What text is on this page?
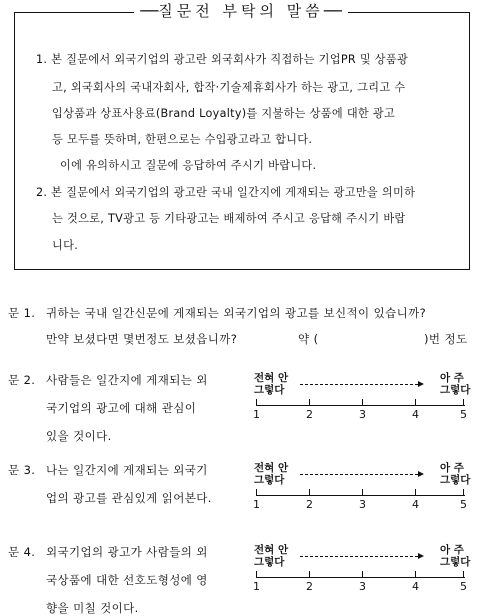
──질문전 부탁의 말씀──
1. 본 질문에서 외국기업의 광고란 외국회사가 직접하는 기업PR 및 상품광
고, 외국회사의 국내자회사, 합작·기술제휴회사가 하는 광고, 그리고 수
입상품과 상표사용료(Brand Loyalty)를 지불하는 상품에 대한 광고
등 모두를 뜻하며, 한편으로는 수입광고라고 합니다.
이에 유의하시고 질문에 응답하여 주시기 바랍니다.
2. 본 질문에서 외국기업의 광고란 국내 일간지에 게재되는 광고만을 의미하
는 것으로, TV광고 등 기타광고는 배제하여 주시고 응답해 주시기 바랍
니다.
문 1. 귀하는 국내 일간신문에 게재되는 외국기업의 광고를 보신적이 있습니까?
만약 보셨다면 몇번정도 보셨읍니까?	약 (	)번 정도
문 2. 사람들은 일간지에 게재되는 외
국기업의 광고에 대해 관심이
있을 것이다.
전혀 안
그렇다
아 주
그렇다
1	2	3	4	5
문 3. 나는 일간지에 게재되는 외국기
업의 광고를 관심있게 읽어본다.
전혀 안
그렇다
아 주
그렇다
1	2	3	4	5
문 4. 외국기업의 광고가 사람들의 외
국상품에 대한 선호도형성에 영
향을 미칠 것이다.
전혀 안
그렇다
아 주
그렇다
1	2	3	4	5
